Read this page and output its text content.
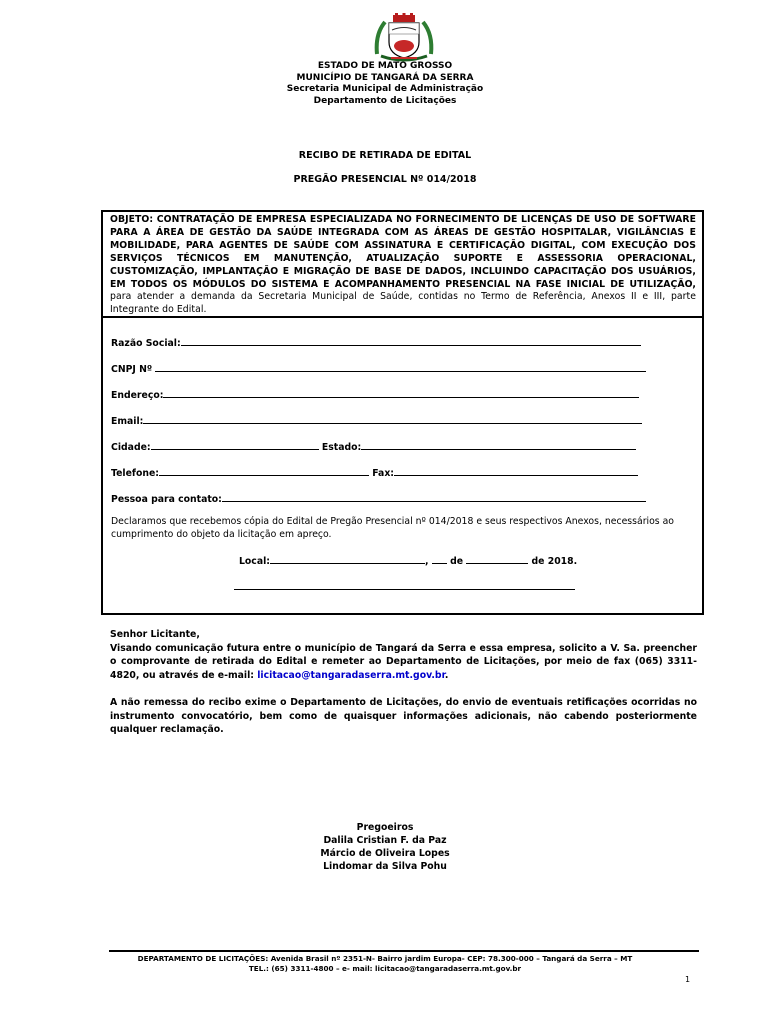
ESTADO DE MATO GROSSO
MUNICÍPIO DE TANGARÁ DA SERRA
Secretaria Municipal de Administração
Departamento de Licitações
RECIBO DE RETIRADA DE EDITAL
PREGÃO PRESENCIAL Nº 014/2018
OBJETO: CONTRATAÇÃO DE EMPRESA ESPECIALIZADA NO FORNECIMENTO DE LICENÇAS DE USO DE SOFTWARE PARA A ÁREA DE GESTÃO DA SAÚDE INTEGRADA COM AS ÁREAS DE GESTÃO HOSPITALAR, VIGILÂNCIAS E MOBILIDADE, PARA AGENTES DE SAÚDE COM ASSINATURA E CERTIFICAÇÃO DIGITAL, COM EXECUÇÃO DOS SERVIÇOS TÉCNICOS EM MANUTENÇÃO, ATUALIZAÇÃO SUPORTE E ASSESSORIA OPERACIONAL, CUSTOMIZAÇÃO, IMPLANTAÇÃO E MIGRAÇÃO DE BASE DE DADOS, INCLUINDO CAPACITAÇÃO DOS USUÁRIOS, EM TODOS OS MÓDULOS DO SISTEMA E ACOMPANHAMENTO PRESENCIAL NA FASE INICIAL DE UTILIZAÇÃO, para atender a demanda da Secretaria Municipal de Saúde, contidas no Termo de Referência, Anexos II e III, parte Integrante do Edital.
Razão Social:
CNPJ Nº
Endereço:
Email:
Cidade:	Estado:
Telefone:	Fax:
Pessoa para contato:
Declaramos que recebemos cópia do Edital de Pregão Presencial nº 014/2018 e seus respectivos Anexos, necessários ao cumprimento do objeto da licitação em apreço.
Local:	, de	de 2018.
Senhor Licitante,
Visando comunicação futura entre o município de Tangará da Serra e essa empresa, solicito a V. Sa. preencher o comprovante de retirada do Edital e remeter ao Departamento de Licitações, por meio de fax (065) 3311-4820, ou através de e-mail: licitacao@tangaradaserra.mt.gov.br.
A não remessa do recibo exime o Departamento de Licitações, do envio de eventuais retificações ocorridas no instrumento convocatório, bem como de quaisquer informações adicionais, não cabendo posteriormente qualquer reclamação.
Pregoeiros
Dalila Cristian F. da Paz
Márcio de Oliveira Lopes
Lindomar da Silva Pohu
DEPARTAMENTO DE LICITAÇÕES: Avenida Brasil nº 2351-N- Bairro jardim Europa- CEP: 78.300-000 – Tangará da Serra – MT
TEL.: (65) 3311-4800 – e- mail: licitacao@tangaradaserra.mt.gov.br
1
